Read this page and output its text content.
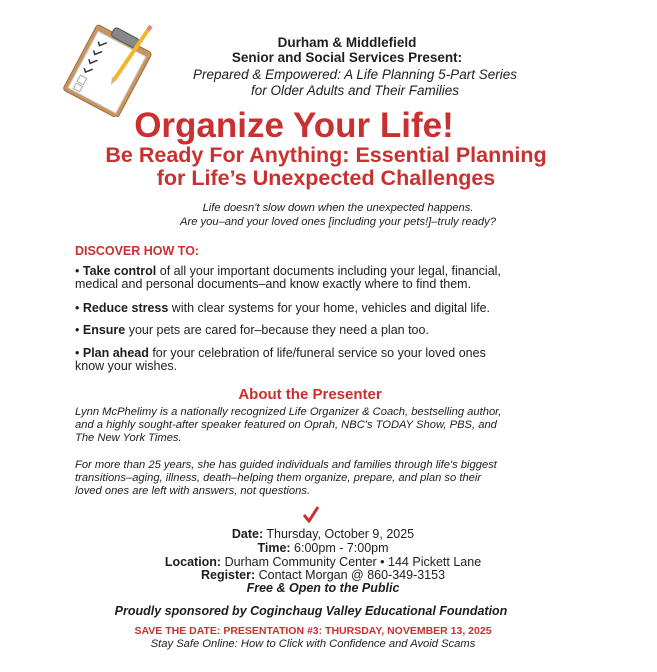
Durham & Middlefield
Senior and Social Services Present:
Prepared & Empowered: A Life Planning 5-Part Series
for Older Adults and Their Families
Organize Your Life!
Be Ready For Anything: Essential Planning
for Life’s Unexpected Challenges
Life doesn't slow down when the unexpected happens.
Are you–and your loved ones [including your pets!]–truly ready?
DISCOVER HOW TO:

• Take control of all your important documents including your legal, financial,

medical and personal documents–and know exactly where to find them.

• Reduce stress with clear systems for your home, vehicles and digital life.

• Ensure your pets are cared for–because they need a plan too.

• Plan ahead for your celebration of life/funeral service so your loved ones

know your wishes.

About the Presenter

Lynn McPhelimy is a nationally recognized Life Organizer & Coach, bestselling author,

and a highly sought-after speaker featured on Oprah, NBC's TODAY Show, PBS, and

The New York Times.

For more than 25 years, she has guided individuals and families through life's biggest

transitions–aging, illness, death–helping them organize, prepare, and plan so their

loved ones are left with answers, not questions.

Date: Thursday, October 9, 2025
Time: 6:00pm - 7:00pm
Location: Durham Community Center • 144 Pickett Lane
Register: Contact Morgan @ 860-349-3153
Free & Open to the Public
Proudly sponsored by Coginchaug Valley Educational Foundation
SAVE THE DATE: PRESENTATION #3: THURSDAY, NOVEMBER 13, 2025
Stay Safe Online: How to Click with Confidence and Avoid Scams
